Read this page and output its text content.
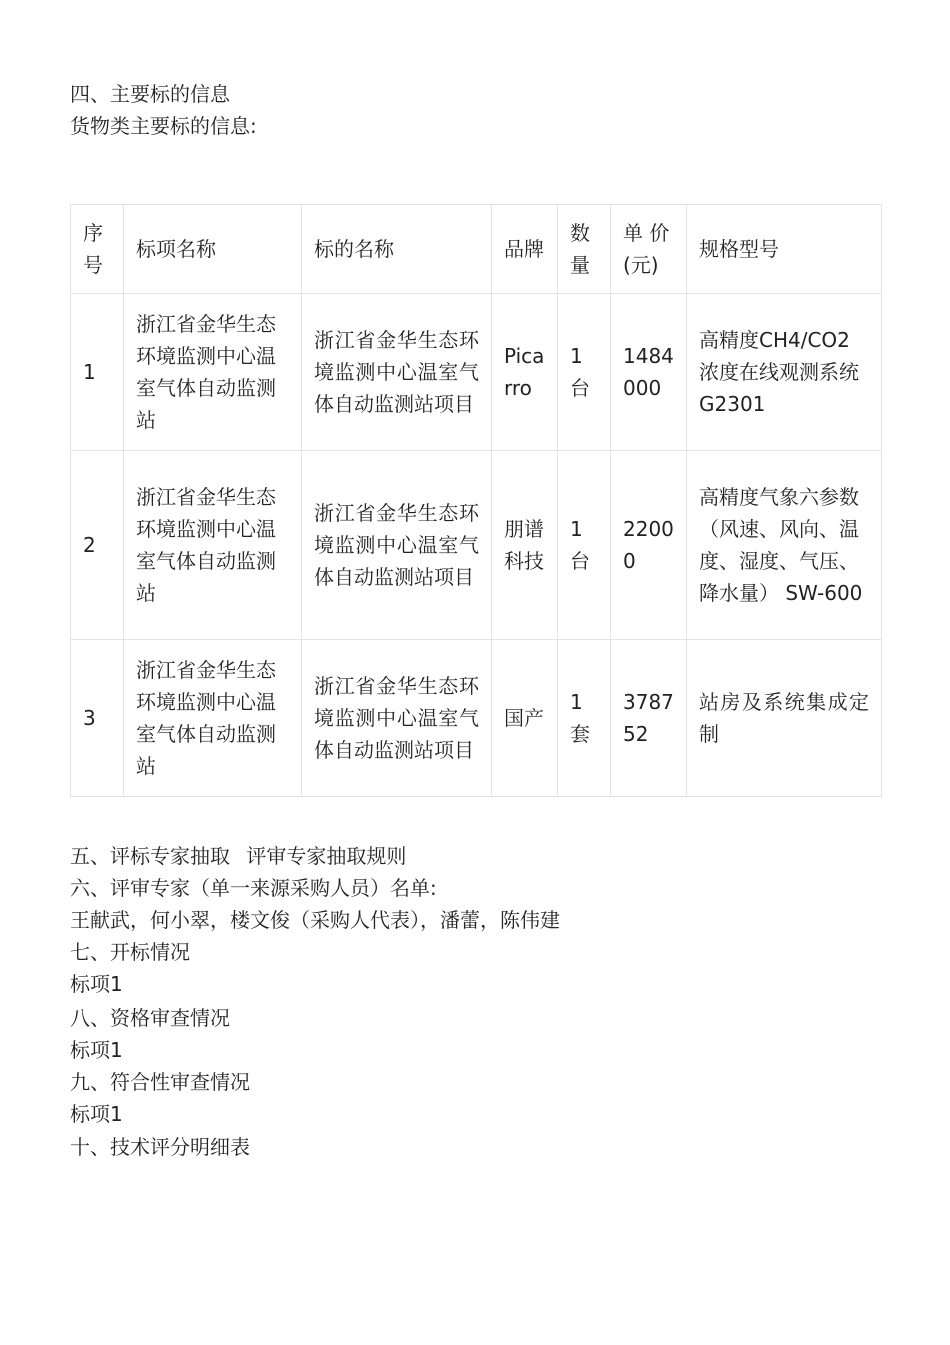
四、主要标的信息
货物类主要标的信息:
序号	标项名称	标的名称	品牌	数量	单 价 (元)	规格型号
1	浙江省金华生态环境监测中心温室气体自动监测站	浙江省金华生态环境监测中心温室气体自动监测站项目	Picarro	1台	1484000	高精度CH4/CO2浓度在线观测系统G2301
2	浙江省金华生态环境监测中心温室气体自动监测站	浙江省金华生态环境监测中心温室气体自动监测站项目	朋谱科技	1台	22000	高精度气象六参数（风速、风向、温度、湿度、气压、降水量） SW-600
3	浙江省金华生态环境监测中心温室气体自动监测站	浙江省金华生态环境监测中心温室气体自动监测站项目	国产	1套	378752	站房及系统集成定制
五、评标专家抽取 评审专家抽取规则
六、评审专家（单一来源采购人员）名单:
王献武，何小翠，楼文俊（采购人代表），潘蕾，陈伟建
七、开标情况
标项1
八、资格审查情况
标项1
九、符合性审查情况
标项1
十、技术评分明细表
